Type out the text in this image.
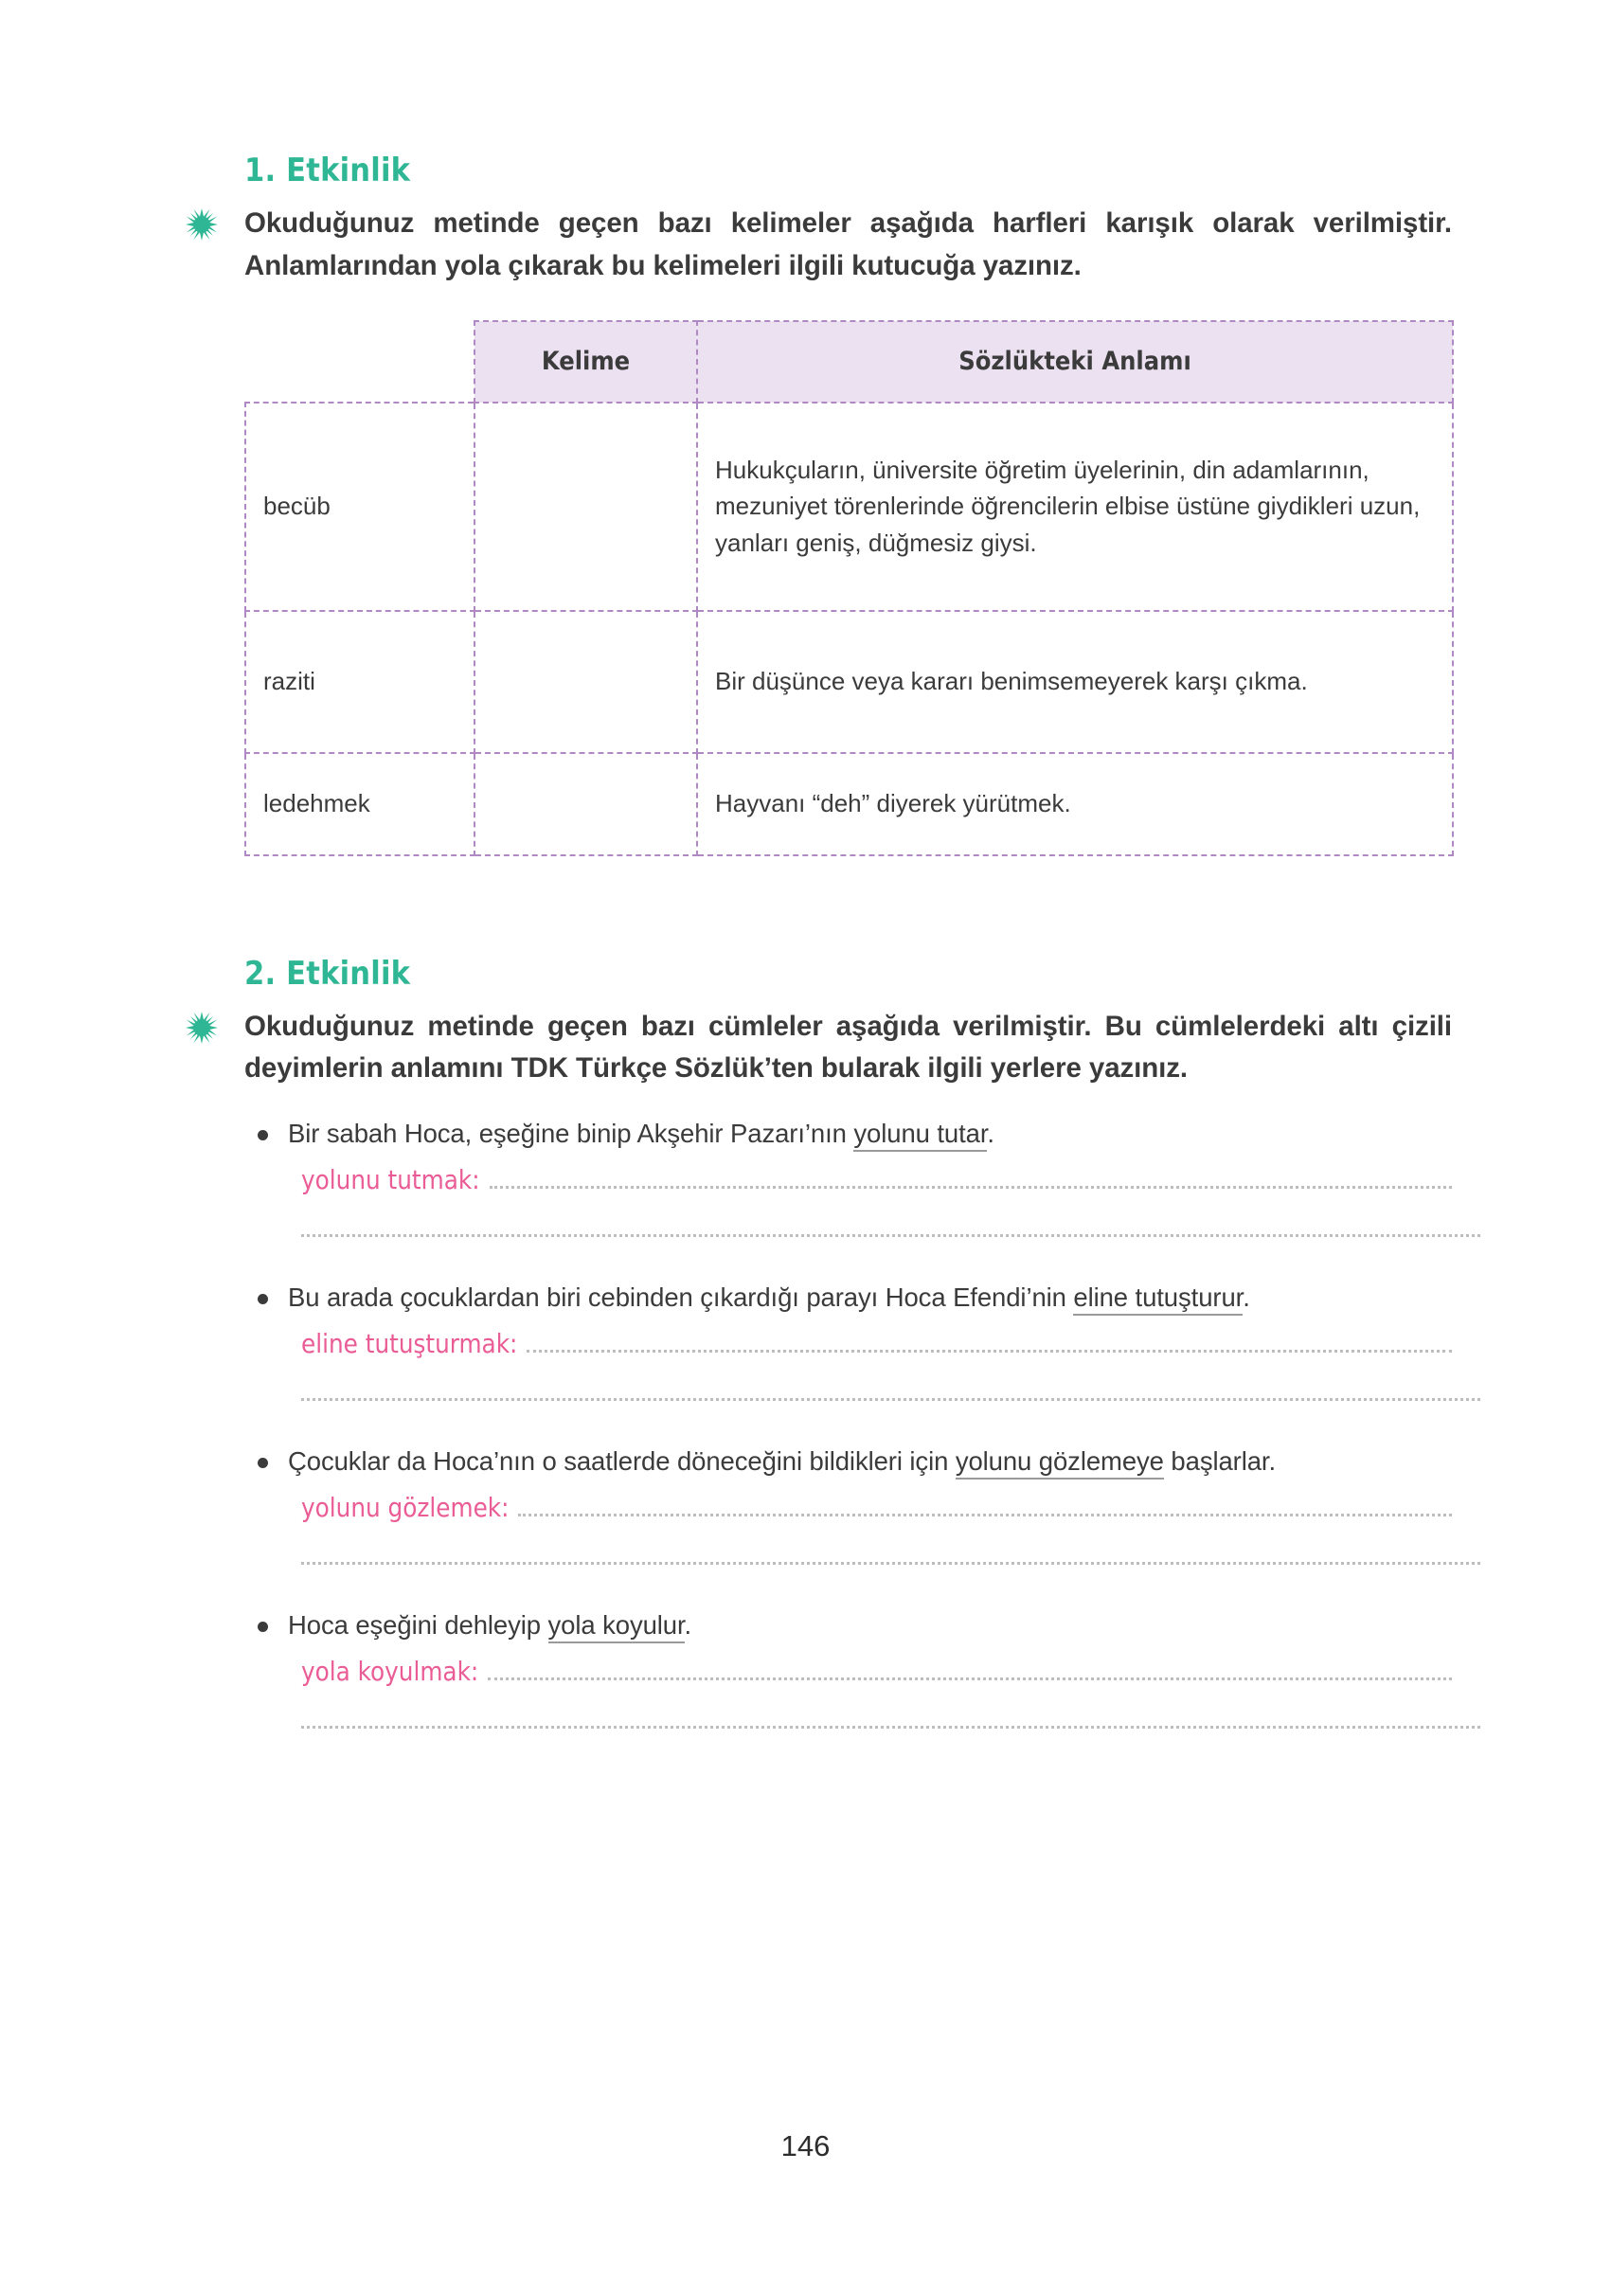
1. Etkinlik
Okuduğunuz metinde geçen bazı kelimeler aşağıda harfleri karışık olarak verilmiştir. Anlamlarından yola çıkarak bu kelimeleri ilgili kutucuğa yazınız.
	Kelime	Sözlükteki Anlamı
becüb		Hukukçuların, üniversite öğretim üyelerinin, din adamlarının, mezuniyet törenlerinde öğrencilerin elbise üstüne giydikleri uzun, yanları geniş, düğmesiz giysi.
raziti		Bir düşünce veya kararı benimsemeyerek karşı çıkma.
ledehmek		Hayvanı “deh” diyerek yürütmek.
2. Etkinlik
Okuduğunuz metinde geçen bazı cümleler aşağıda verilmiştir. Bu cümlelerdeki altı çizili deyimlerin anlamını TDK Türkçe Sözlük’ten bularak ilgili yerlere yazınız.
Bir sabah Hoca, eşeğine binip Akşehir Pazarı’nın yolunu tutar.
yolunu tutmak:
Bu arada çocuklardan biri cebinden çıkardığı parayı Hoca Efendi’nin eline tutuşturur.
eline tutuşturmak:
Çocuklar da Hoca’nın o saatlerde döneceğini bildikleri için yolunu gözlemeye başlarlar.
yolunu gözlemek:
Hoca eşeğini dehleyip yola koyulur.
yola koyulmak:
146
